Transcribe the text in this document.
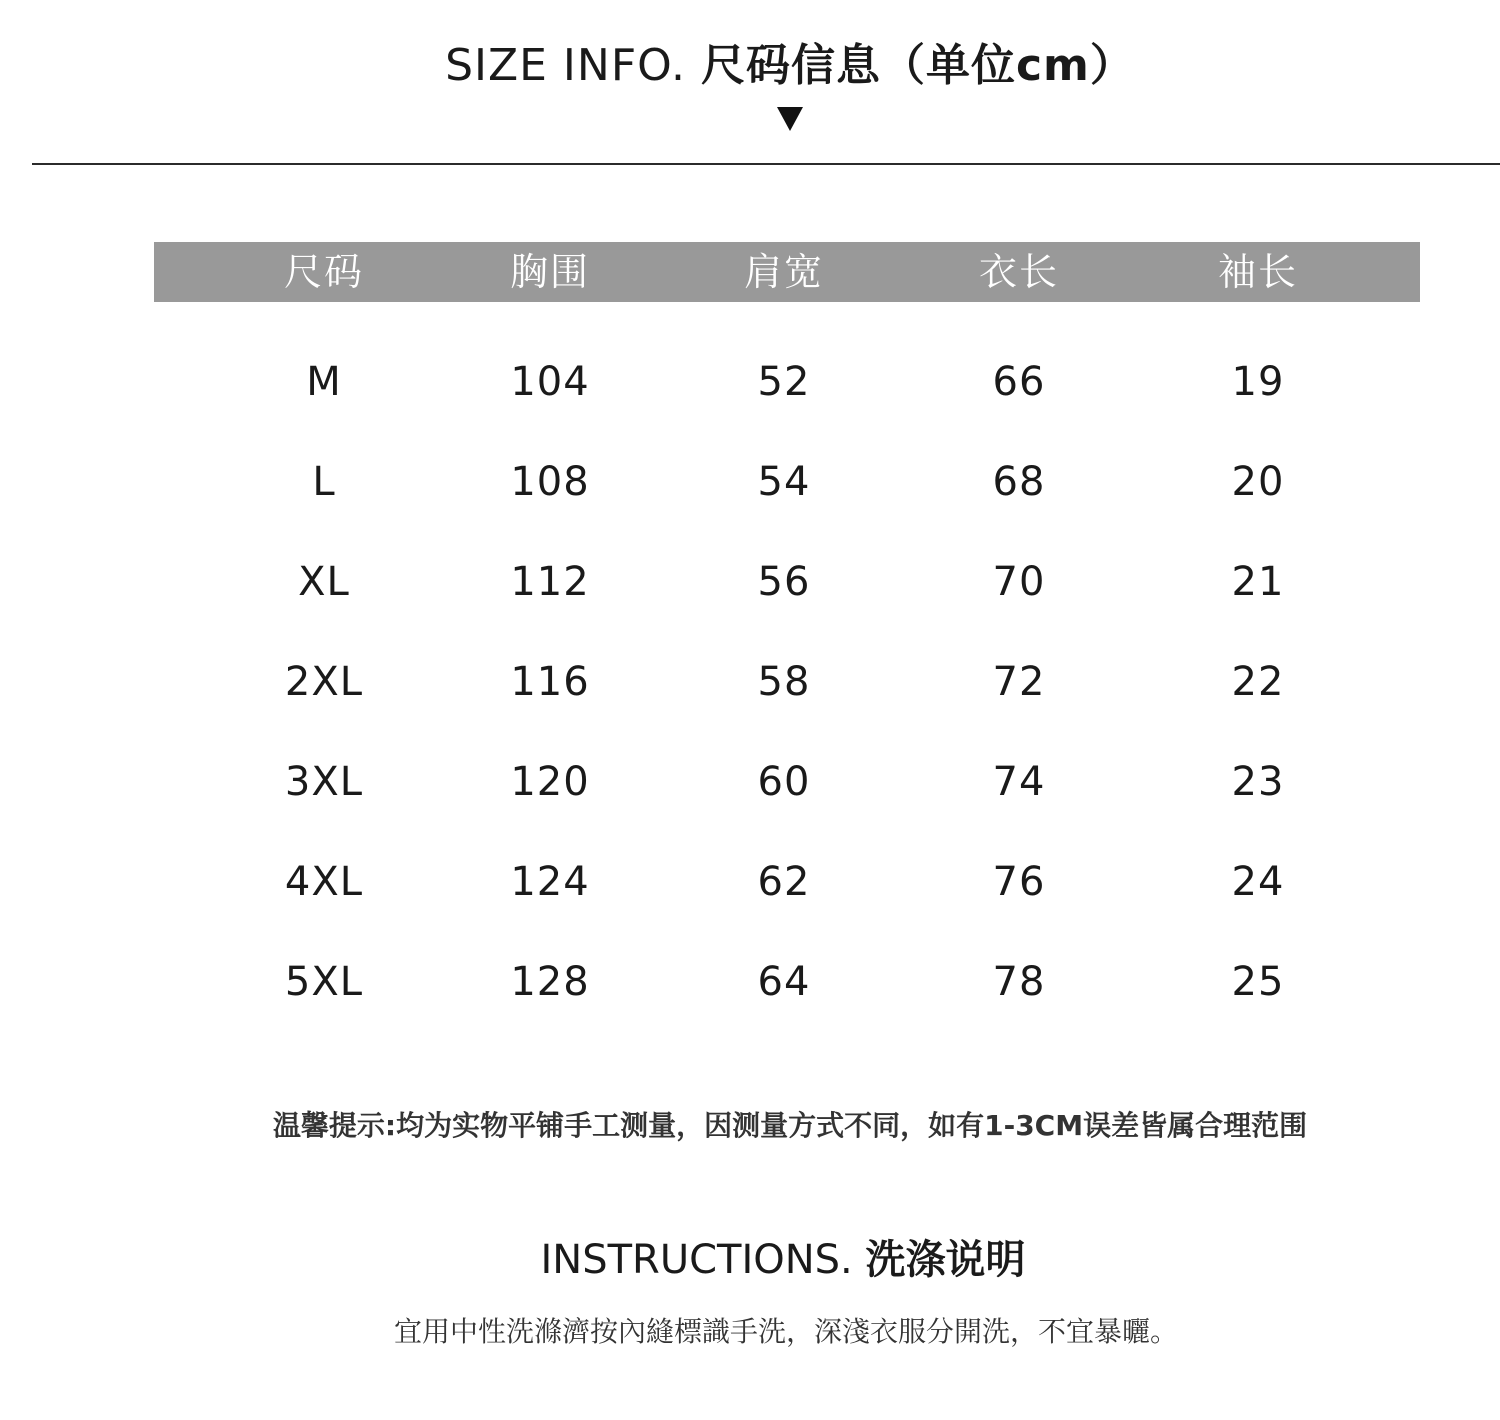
SIZE INFO. 尺码信息（单位cm）
尺码	胸围	肩宽	衣长	袖长
M	104	52	66	19
L	108	54	68	20
XL	112	56	70	21
2XL	116	58	72	22
3XL	120	60	74	23
4XL	124	62	76	24
5XL	128	64	78	25
温馨提示:均为实物平铺手工测量，因测量方式不同，如有1-3CM误差皆属合理范围
INSTRUCTIONS. 洗涤说明
宜用中性洗滌濟按內縫標識手洗，深淺衣服分開洗，不宜暴曬。
